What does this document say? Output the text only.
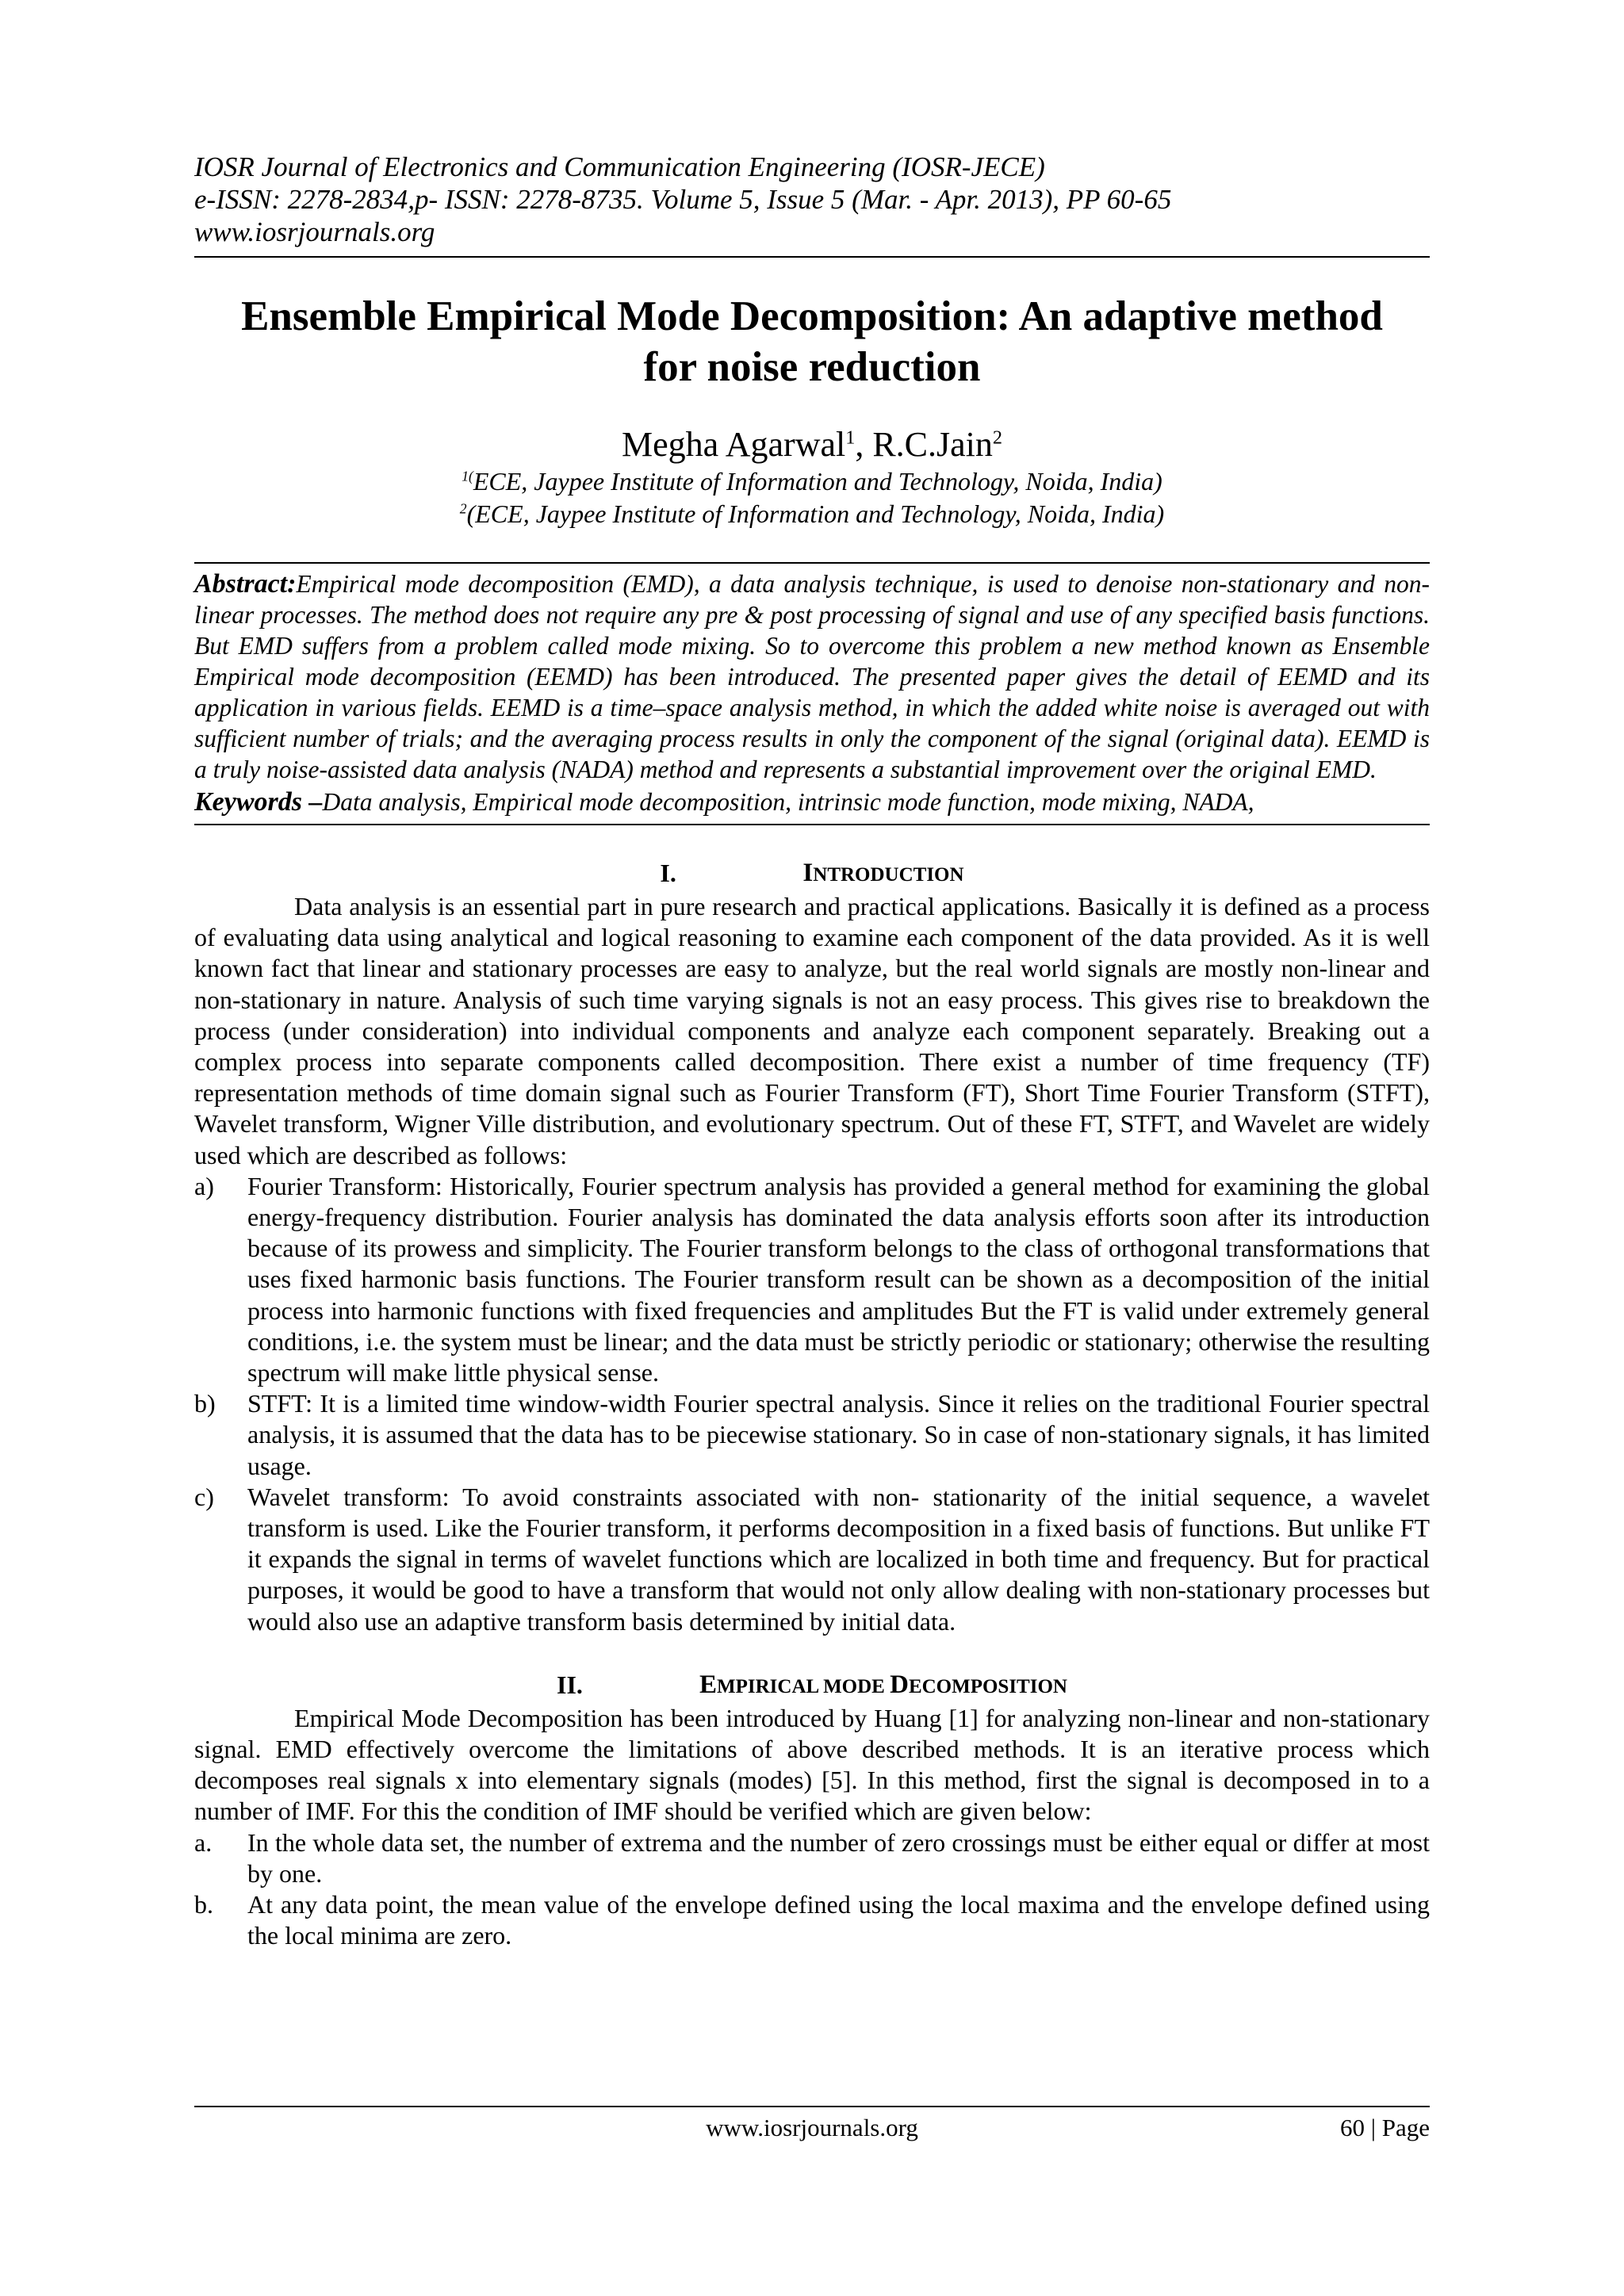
IOSR Journal of Electronics and Communication Engineering (IOSR-JECE)
e-ISSN: 2278-2834,p- ISSN: 2278-8735. Volume 5, Issue 5 (Mar. - Apr. 2013), PP 60-65
www.iosrjournals.org
Ensemble Empirical Mode Decomposition: An adaptive method
for noise reduction
Megha Agarwal$^1$, R.C.Jain$^2$
$^{1(}$ECE, Jaypee Institute of Information and Technology, Noida, India)
$^2$(ECE, Jaypee Institute of Information and Technology, Noida, India)
Abstract:Empirical mode decomposition (EMD), a data analysis technique, is used to denoise non-stationary and non-linear processes. The method does not require any pre & post processing of signal and use of any specified basis functions. But EMD suffers from a problem called mode mixing. So to overcome this problem a new method known as Ensemble Empirical mode decomposition (EEMD) has been introduced. The presented paper gives the detail of EEMD and its application in various fields. EEMD is a time–space analysis method, in which the added white noise is averaged out with sufficient number of trials; and the averaging process results in only the component of the signal (original data). EEMD is a truly noise-assisted data analysis (NADA) method and represents a substantial improvement over the original EMD.
Keywords –Data analysis, Empirical mode decomposition, intrinsic mode function, mode mixing, NADA,
I.	INTRODUCTION

Data analysis is an essential part in pure research and practical applications. Basically it is defined as a process of evaluating data using analytical and logical reasoning to examine each component of the data provided. As it is well known fact that linear and stationary processes are easy to analyze, but the real world signals are mostly non-linear and non-stationary in nature. Analysis of such time varying signals is not an easy process. This gives rise to breakdown the process (under consideration) into individual components and analyze each component separately. Breaking out a complex process into separate components called decomposition. There exist a number of time frequency (TF) representation methods of time domain signal such as Fourier Transform (FT), Short Time Fourier Transform (STFT), Wavelet transform, Wigner Ville distribution, and evolutionary spectrum. Out of these FT, STFT, and Wavelet are widely used which are described as follows:

a)	Fourier Transform: Historically, Fourier spectrum analysis has provided a general method for examining the global energy-frequency distribution. Fourier analysis has dominated the data analysis efforts soon after its introduction because of its prowess and simplicity. The Fourier transform belongs to the class of orthogonal transformations that uses fixed harmonic basis functions. The Fourier transform result can be shown as a decomposition of the initial process into harmonic functions with fixed frequencies and amplitudes But the FT is valid under extremely general conditions, i.e. the system must be linear; and the data must be strictly periodic or stationary; otherwise the resulting spectrum will make little physical sense.
b)	STFT: It is a limited time window-width Fourier spectral analysis. Since it relies on the traditional Fourier spectral analysis, it is assumed that the data has to be piecewise stationary. So in case of non-stationary signals, it has limited usage.
c)	Wavelet transform: To avoid constraints associated with non- stationarity of the initial sequence, a wavelet transform is used. Like the Fourier transform, it performs decomposition in a fixed basis of functions. But unlike FT it expands the signal in terms of wavelet functions which are localized in both time and frequency. But for practical purposes, it would be good to have a transform that would not only allow dealing with non-stationary processes but would also use an adaptive transform basis determined by initial data.
II.	EMPIRICAL MODE DECOMPOSITION

Empirical Mode Decomposition has been introduced by Huang [1] for analyzing non-linear and non-stationary signal. EMD effectively overcome the limitations of above described methods. It is an iterative process which decomposes real signals x into elementary signals (modes) [5]. In this method, first the signal is decomposed in to a number of IMF. For this the condition of IMF should be verified which are given below:

a.	In the whole data set, the number of extrema and the number of zero crossings must be either equal or differ at most by one.
b.	At any data point, the mean value of the envelope defined using the local maxima and the envelope defined using the local minima are zero.
www.iosrjournals.org	60 | Page
